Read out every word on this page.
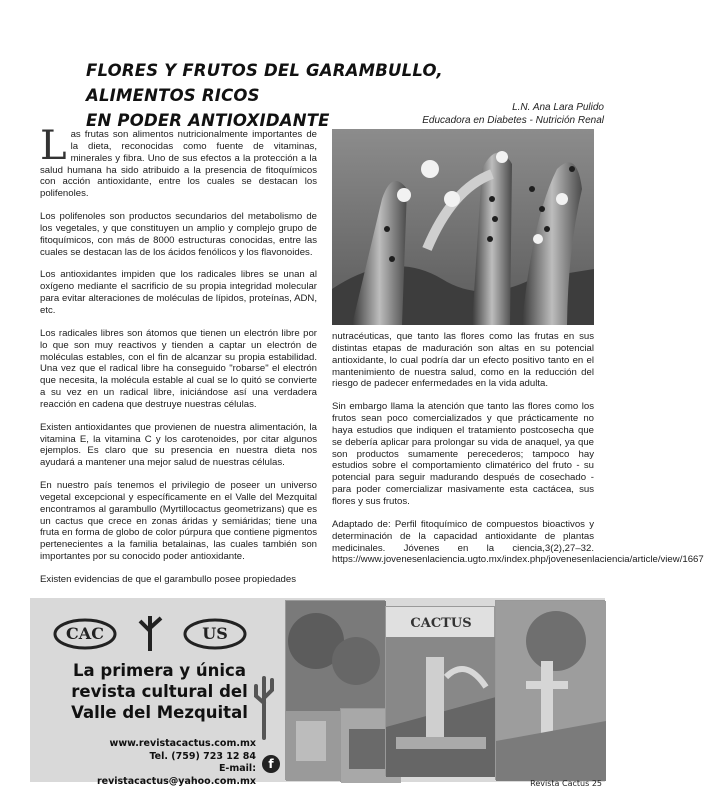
FLORES Y FRUTOS DEL GARAMBULLO, ALIMENTOS RICOS
EN PODER ANTIOXIDANTE
L.N. Ana Lara Pulido
Educadora en Diabetes - Nutrición Renal

Las frutas son alimentos nutricionalmente importantes de la dieta, reconocidas como fuente de vitaminas, minerales y fibra. Uno de sus efectos a la protección a la salud humana ha sido atribuido a la presencia de fitoquímicos con acción antioxidante, entre los cuales se destacan los polifenoles.

Los polifenoles son productos secundarios del metabolismo de los vegetales, y que constituyen un amplio y complejo grupo de fitoquímicos, con más de 8000 estructuras conocidas, entre las cuales se destacan las de los ácidos fenólicos y los flavonoides.

Los antioxidantes impiden que los radicales libres se unan al oxígeno mediante el sacrificio de su propia integridad molecular para evitar alteraciones de moléculas de lípidos, proteínas, ADN, etc.

Los radicales libres son átomos que tienen un electrón libre por lo que son muy reactivos y tienden a captar un electrón de moléculas estables, con el fin de alcanzar su propia estabilidad. Una vez que el radical libre ha conseguido "robarse" el electrón que necesita, la molécula estable al cual se lo quitó se convierte a su vez en un radical libre, iniciándose así una verdadera reacción en cadena que destruye nuestras células.

Existen antioxidantes que provienen de nuestra alimentación, la vitamina E, la vitamina C y los carotenoides, por citar algunos ejemplos. Es claro que su presencia en nuestra dieta nos ayudará a mantener una mejor salud de nuestras células.

En nuestro país tenemos el privilegio de poseer un universo vegetal excepcional y específicamente en el Valle del Mezquital encontramos al garambullo (Myrtillocactus geometrizans) que es un cactus que crece en zonas áridas y semiáridas; tiene una fruta en forma de globo de color púrpura que contiene pigmentos pertenecientes a la familia betalainas, las cuales también son importantes por su conocido poder antioxidante.

Existen evidencias de que el garambullo posee propiedades

nutracéuticas, que tanto las flores como las frutas en sus distintas etapas de maduración son altas en su potencial antioxidante, lo cual podría dar un efecto positivo tanto en el mantenimiento de nuestra salud, como en la reducción del riesgo de padecer enfermedades en la vida adulta.

Sin embargo llama la atención que tanto las flores como los frutos sean poco comercializados y que prácticamente no haya estudios que indiquen el tratamiento postcosecha que se debería aplicar para prolongar su vida de anaquel, ya que son productos sumamente perecederos; tampoco hay estudios sobre el comportamiento climatérico del fruto - su potencial para seguir madurando después de cosechado - para poder comercializar masivamente esta cactácea, sus flores y sus frutos.

Adaptado de: Perfil fitoquímico de compuestos bioactivos y determinación de la capacidad antioxidante de plantas medicinales. Jóvenes en la ciencia,3(2),27–32. https://www.jovenesenlaciencia.ugto.mx/index.php/jovenesenlaciencia/article/view/1667

CAC	US
La primera y única revista cultural del Valle del Mezquital
www.revistacactus.com.mx
Tel. (759) 723 12 84
E-mail: revistacactus@yahoo.com.mx
f
CACTUS
Revista Cactus 25
